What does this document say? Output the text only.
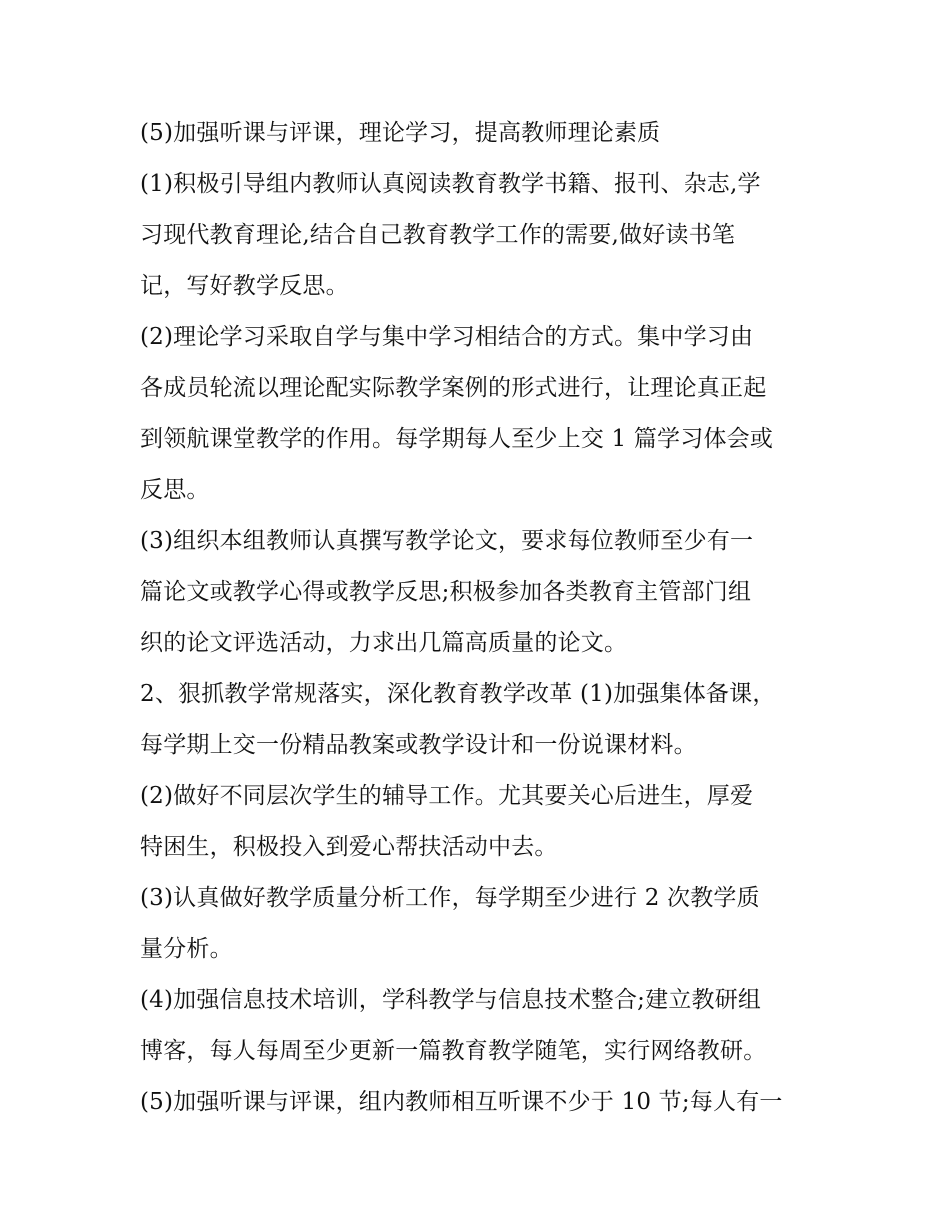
(5)加强听课与评课，理论学习，提高教师理论素质
(1)积极引导组内教师认真阅读教育教学书籍、报刊、杂志,学
习现代教育理论,结合自己教育教学工作的需要,做好读书笔
记，写好教学反思。
(2)理论学习采取自学与集中学习相结合的方式。集中学习由
各成员轮流以理论配实际教学案例的形式进行，让理论真正起
到领航课堂教学的作用。每学期每人至少上交 1 篇学习体会或
反思。
(3)组织本组教师认真撰写教学论文，要求每位教师至少有一
篇论文或教学心得或教学反思;积极参加各类教育主管部门组
织的论文评选活动，力求出几篇高质量的论文。
2、狠抓教学常规落实，深化教育教学改革 (1)加强集体备课，
每学期上交一份精品教案或教学设计和一份说课材料。
(2)做好不同层次学生的辅导工作。尤其要关心后进生，厚爱
特困生，积极投入到爱心帮扶活动中去。
(3)认真做好教学质量分析工作，每学期至少进行 2 次教学质
量分析。
(4)加强信息技术培训，学科教学与信息技术整合;建立教研组
博客，每人每周至少更新一篇教育教学随笔，实行网络教研。
(5)加强听课与评课，组内教师相互听课不少于 10 节;每人有一
